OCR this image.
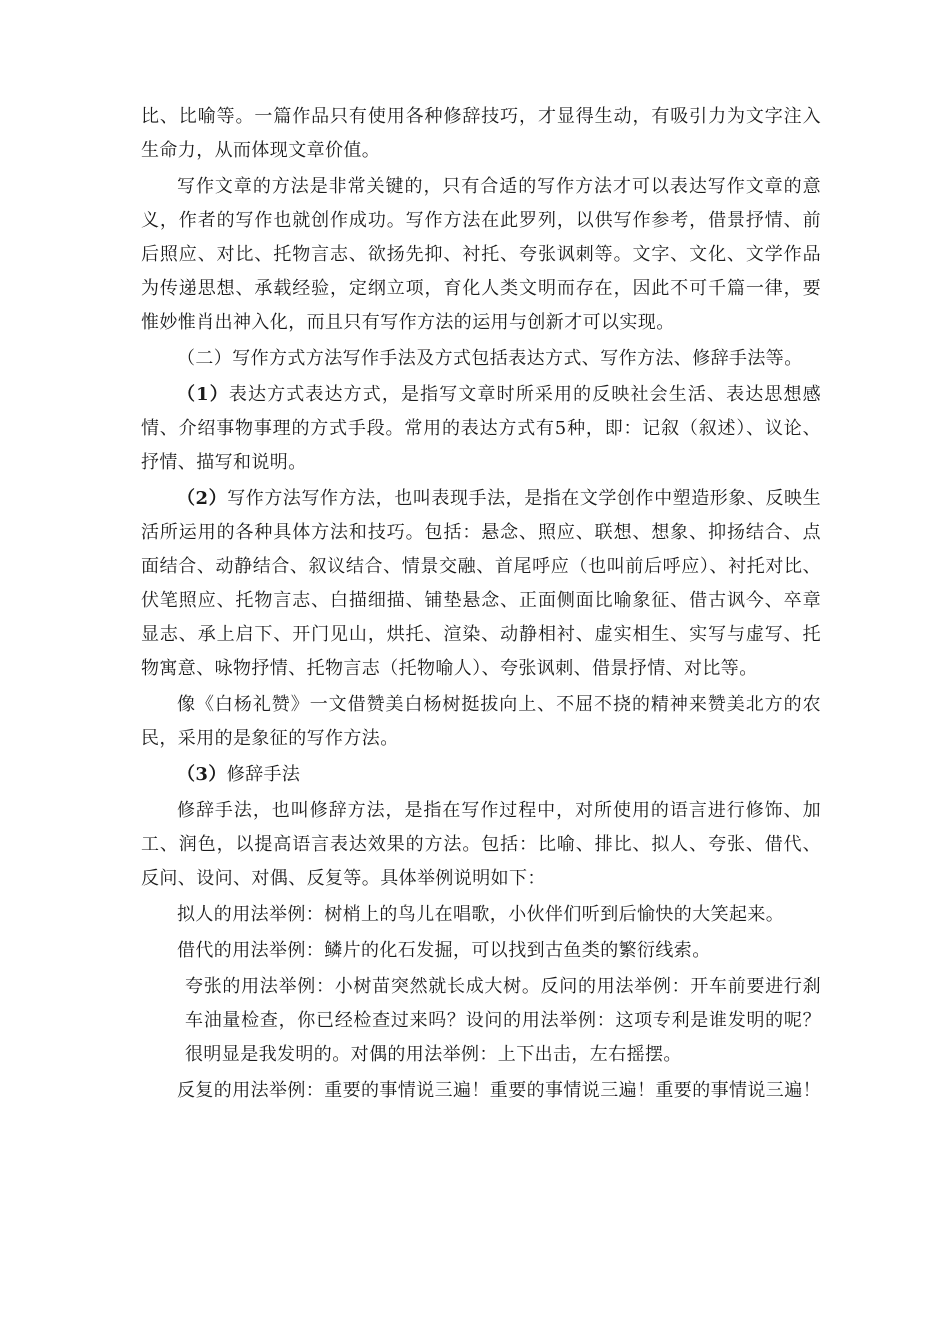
比、比喻等。一篇作品只有使用各种修辞技巧，才显得生动，有吸引力为文字注入生命力，从而体现文章价值。

写作文章的方法是非常关键的，只有合适的写作方法才可以表达写作文章的意义，作者的写作也就创作成功。写作方法在此罗列，以供写作参考，借景抒情、前后照应、对比、托物言志、欲扬先抑、衬托、夸张讽刺等。文字、文化、文学作品为传递思想、承载经验，定纲立项，育化人类文明而存在，因此不可千篇一律，要惟妙惟肖出神入化，而且只有写作方法的运用与创新才可以实现。

（二）写作方式方法写作手法及方式包括表达方式、写作方法、修辞手法等。

（1）表达方式表达方式，是指写文章时所采用的反映社会生活、表达思想感情、介绍事物事理的方式手段。常用的表达方式有5种，即：记叙（叙述）、议论、抒情、描写和说明。

（2）写作方法写作方法，也叫表现手法，是指在文学创作中塑造形象、反映生活所运用的各种具体方法和技巧。包括：悬念、照应、联想、想象、抑扬结合、点面结合、动静结合、叙议结合、情景交融、首尾呼应（也叫前后呼应）、衬托对比、伏笔照应、托物言志、白描细描、铺垫悬念、正面侧面比喻象征、借古讽今、卒章显志、承上启下、开门见山，烘托、渲染、动静相衬、虚实相生、实写与虚写、托物寓意、咏物抒情、托物言志（托物喻人）、夸张讽刺、借景抒情、对比等。

像《白杨礼赞》一文借赞美白杨树挺拔向上、不屈不挠的精神来赞美北方的农民，采用的是象征的写作方法。

（3）修辞手法

修辞手法，也叫修辞方法，是指在写作过程中，对所使用的语言进行修饰、加工、润色，以提高语言表达效果的方法。包括：比喻、排比、拟人、夸张、借代、反问、设问、对偶、反复等。具体举例说明如下：

拟人的用法举例：树梢上的鸟儿在唱歌，小伙伴们听到后愉快的大笑起来。

借代的用法举例：鳞片的化石发掘，可以找到古鱼类的繁衍线索。

夸张的用法举例：小树苗突然就长成大树。反问的用法举例：开车前要进行刹车油量检查，你已经检查过来吗？设问的用法举例：这项专利是谁发明的呢？很明显是我发明的。对偶的用法举例：上下出击，左右摇摆。

反复的用法举例：重要的事情说三遍！重要的事情说三遍！重要的事情说三遍！
